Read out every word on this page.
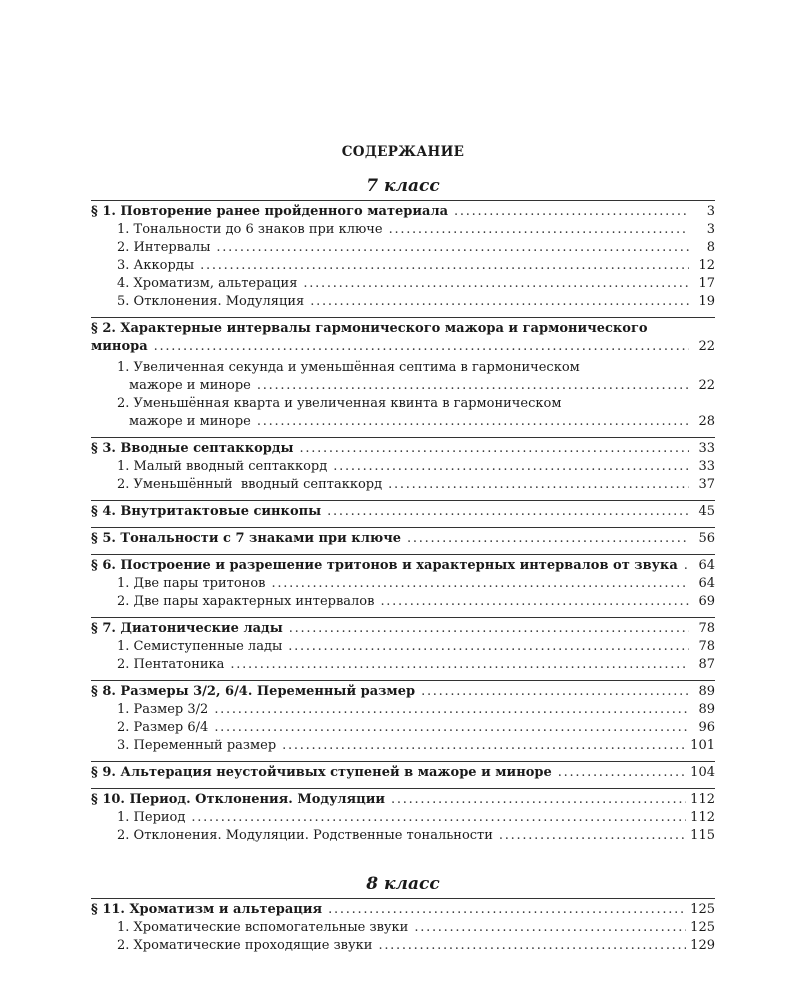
СОДЕРЖАНИЕ
7 класс
§ 1. Повторение ранее пройденного материала . . .	3
1. Тональности до 6 знаков при ключе . . .	3
2. Интервалы . . .	8
3. Аккорды . . .	12
4. Хроматизм, альтерация . . .	17
5. Отклонения. Модуляция . . .	19
§ 2. Характерные интервалы гармонического мажора и гармонического
минора . . .	22
1. Увеличенная секунда и уменьшённая септима в гармоническом
мажоре и миноре . . .	22
2. Уменьшённая кварта и увеличенная квинта в гармоническом
мажоре и миноре . . .	28
§ 3. Вводные септаккорды . . .	33
1. Малый вводный септаккорд . . .	33
2. Уменьшённый  вводный септаккорд . . .	37
§ 4. Внутритактовые синкопы . . .	45
§ 5. Тональности с 7 знаками при ключе . . .	56
§ 6. Построение и разрешение тритонов и характерных интервалов от звука . . .	64
1. Две пары тритонов . . .	64
2. Две пары характерных интервалов . . .	69
§ 7. Диатонические лады . . .	78
1. Семиступенные лады . . .	78
2. Пентатоника . . .	87
§ 8. Размеры 3/2, 6/4. Переменный размер . . .	89
1. Размер 3/2 . . .	89
2. Размер 6/4 . . .	96
3. Переменный размер . . .	101
§ 9. Альтерация неустойчивых ступеней в мажоре и миноре . . .	104
§ 10. Период. Отклонения. Модуляции . . .	112
1. Период . . .	112
2. Отклонения. Модуляции. Родственные тональности . . .	115
8 класс
§ 11. Хроматизм и альтерация . . .	125
1. Хроматические вспомогательные звуки . . .	125
2. Хроматические проходящие звуки . . .	129
